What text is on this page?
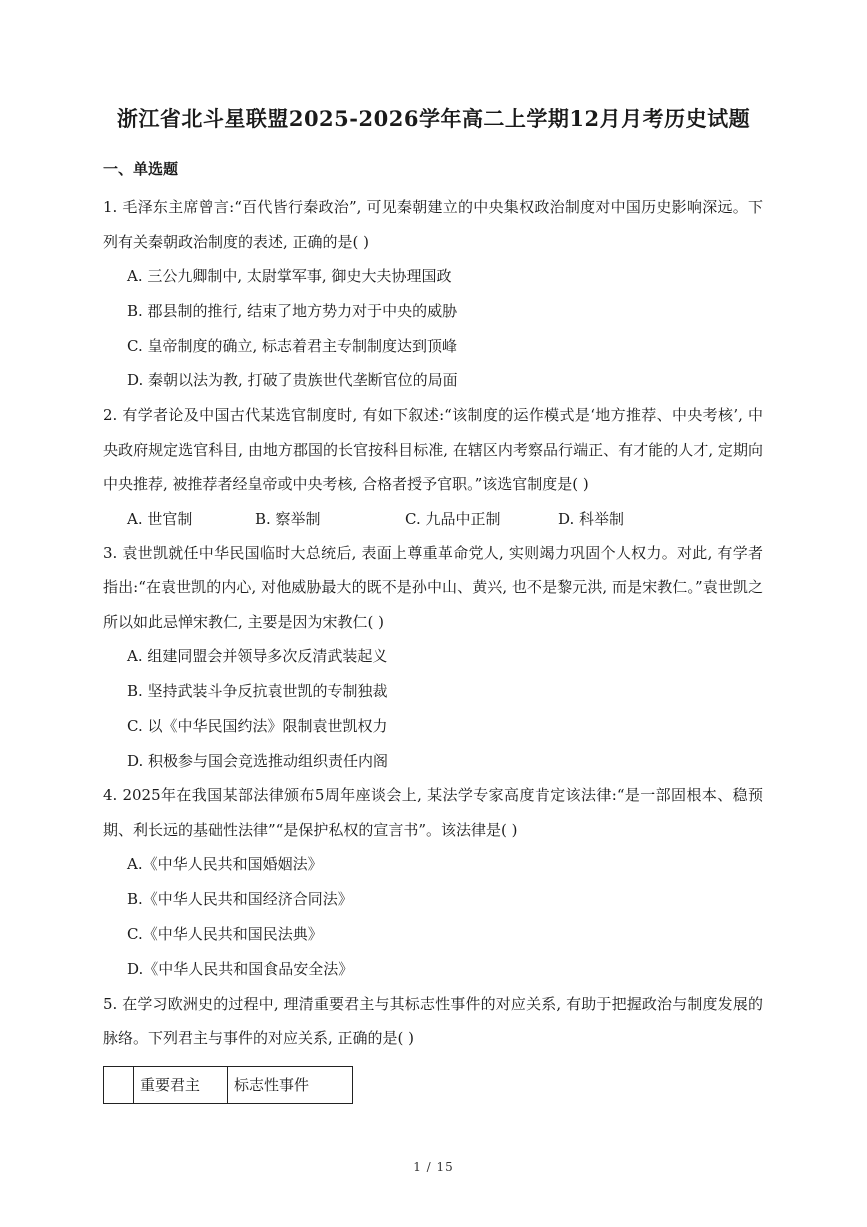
浙江省北斗星联盟2025-2026学年高二上学期12月月考历史试题
一、单选题
1. 毛泽东主席曾言:“百代皆行秦政治”, 可见秦朝建立的中央集权政治制度对中国历史影响深远。下列有关秦朝政治制度的表述, 正确的是( )
A. 三公九卿制中, 太尉掌军事, 御史大夫协理国政
B. 郡县制的推行, 结束了地方势力对于中央的威胁
C. 皇帝制度的确立, 标志着君主专制制度达到顶峰
D. 秦朝以法为教, 打破了贵族世代垄断官位的局面
2. 有学者论及中国古代某选官制度时, 有如下叙述:“该制度的运作模式是‘地方推荐、中央考核’, 中央政府规定选官科目, 由地方郡国的长官按科目标准, 在辖区内考察品行端正、有才能的人才, 定期向中央推荐, 被推荐者经皇帝或中央考核, 合格者授予官职。”该选官制度是( )
A. 世官制	B. 察举制	C. 九品中正制	D. 科举制
3. 袁世凯就任中华民国临时大总统后, 表面上尊重革命党人, 实则竭力巩固个人权力。对此, 有学者指出:“在袁世凯的内心, 对他威胁最大的既不是孙中山、黄兴, 也不是黎元洪, 而是宋教仁。”袁世凯之所以如此忌惮宋教仁, 主要是因为宋教仁( )
A. 组建同盟会并领导多次反清武装起义
B. 坚持武装斗争反抗袁世凯的专制独裁
C. 以《中华民国约法》限制袁世凯权力
D. 积极参与国会竞选推动组织责任内阁
4. 2025年在我国某部法律颁布5周年座谈会上, 某法学专家高度肯定该法律:“是一部固根本、稳预期、利长远的基础性法律”“是保护私权的宣言书”。该法律是( )
A.《中华人民共和国婚姻法》
B.《中华人民共和国经济合同法》
C.《中华人民共和国民法典》
D.《中华人民共和国食品安全法》
5. 在学习欧洲史的过程中, 理清重要君主与其标志性事件的对应关系, 有助于把握政治与制度发展的脉络。下列君主与事件的对应关系, 正确的是( )
	重要君主	标志性事件
1 / 15
